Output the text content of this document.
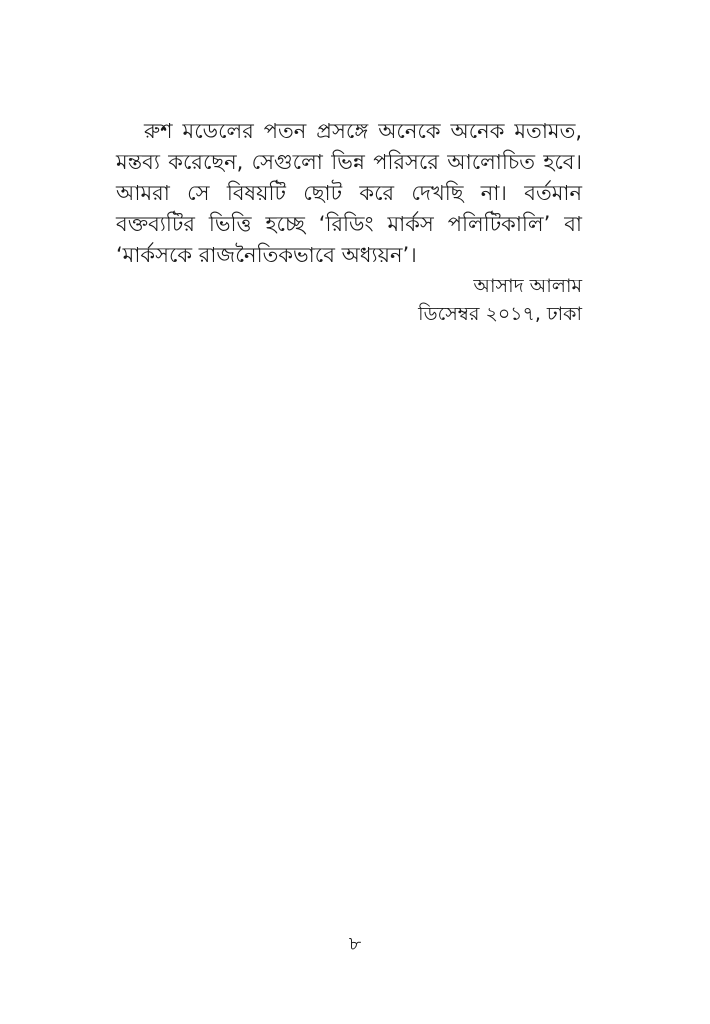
রুশ মডেলের পতন প্রসঙ্গে অনেকে অনেক মতামত, মন্তব্য করেছেন, সেগুলো ভিন্ন পরিসরে আলোচিত হবে। আমরা সে বিষয়টি ছোট করে দেখছি না। বর্তমান বক্তব্যটির ভিত্তি হচ্ছে ‘রিডিং মার্কস পলিটিকালি’ বা ‘মার্কসকে রাজনৈতিকভাবে অধ্যয়ন’।

আসাদ আলাম
ডিসেম্বর ২০১৭, ঢাকা
৮
